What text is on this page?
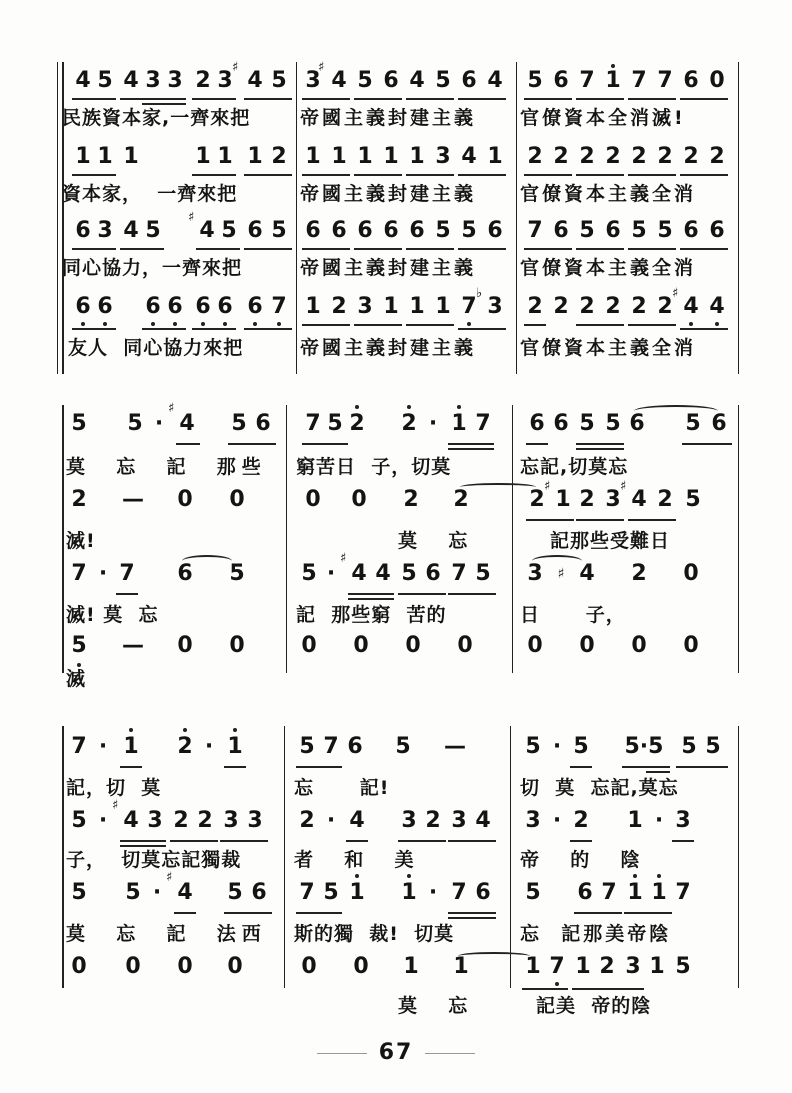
4 5 4 3 3 2 3
♯
4 5 3
♯
4 5 6 4 5 6 4 5 6 7 1 7 7 6 0
民族資本家,一齊來把	帝國主義封建主義 官僚資本全消滅!
1 1 1	1 1 1 2 1 1 1 1 1 3 4 1 2 2 2 2 2 2 2 2
資本家，  一齊來把	帝國主義封建主義 官僚資本主義全消
6 3 4 5
♯
4 5 6 5 6 6 6 6 6 5 5 6 7 6 5 6 5 5 6 6
同心協力，一齊來把	帝國主義封建主義 官僚資本主義全消
6 6 6 6 6 6 6 7 1 2 3 1 1 1 7
♭
3 2 2 2 2 2 2
♯
4 4
友人  同心協力來把	帝國主義封建主義 官僚資本主義全消
5 5 ·
♯
4 5 6 7 5 2 2 · 1 7 6 6 5 5 6 5 6
莫  忘  記  那些 窮苦日  子，切莫	忘記,切莫忘
2 — 0 0	0 0 2 2	2
♯
1 2 3
♯
4 2 5
滅!	莫  忘	記那些受難日
7 · 7 6 5	5 ·
♯
4 4 5 6 7 5 3	♯ 4 2 0
滅! 莫  忘	記  那些窮  苦的	日      子，
5 — 0 0	0 0 0 0 0 0 0 0
滅
7 · 1 2 · 1	5 7 6 5 —	5 · 5 5·5 5 5
記，切  莫	忘      記!	切  莫  忘記,莫忘
5 ·
♯
4 3 2 2 3 3 2 · 4 3 2 3 4 3 · 2 1 · 3
子，  切莫忘記獨裁	者  和  美	帝  的  陰
5 5 ·
♯
4 5 6 7 5 1 1 · 7 6 5 6 7 1 1 7
莫  忘  記  法西 斯的獨  裁!  切莫	忘  記那美帝陰
0 0 0 0	0 0 1 1	1 7 1 2 3 1 5
莫  忘	記美  帝的陰
67
